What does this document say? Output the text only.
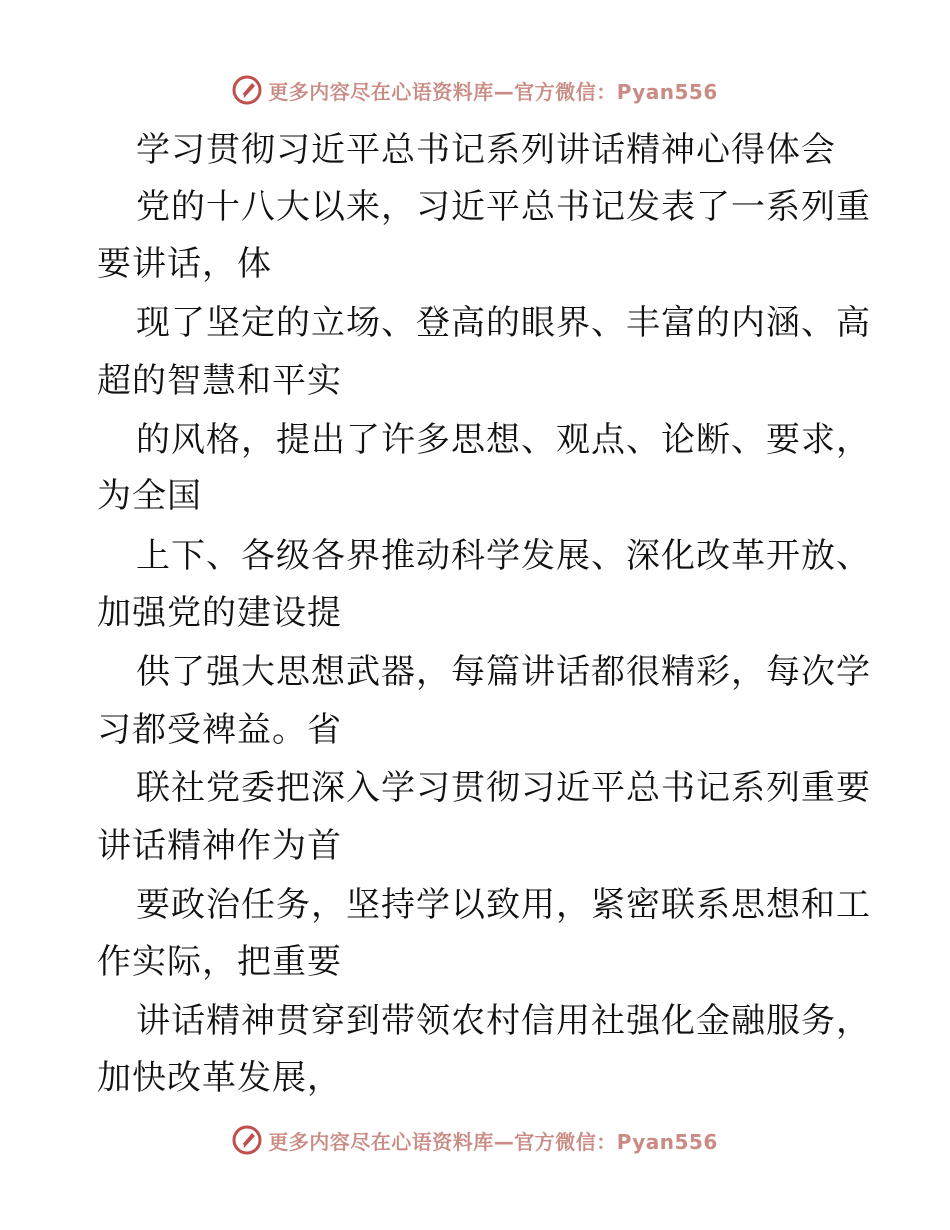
更多内容尽在心语资料库—官方微信：Pyan556
学习贯彻习近平总书记系列讲话精神心得体会
党的十八大以来，习近平总书记发表了一系列重
要讲话，体
现了坚定的立场、登高的眼界、丰富的内涵、高
超的智慧和平实
的风格，提出了许多思想、观点、论断、要求，
为全国
上下、各级各界推动科学发展、深化改革开放、
加强党的建设提
供了强大思想武器，每篇讲话都很精彩，每次学
习都受裨益。省
联社党委把深入学习贯彻习近平总书记系列重要
讲话精神作为首
要政治任务，坚持学以致用，紧密联系思想和工
作实际，把重要
讲话精神贯穿到带领农村信用社强化金融服务，
加快改革发展，
更多内容尽在心语资料库—官方微信：Pyan556
